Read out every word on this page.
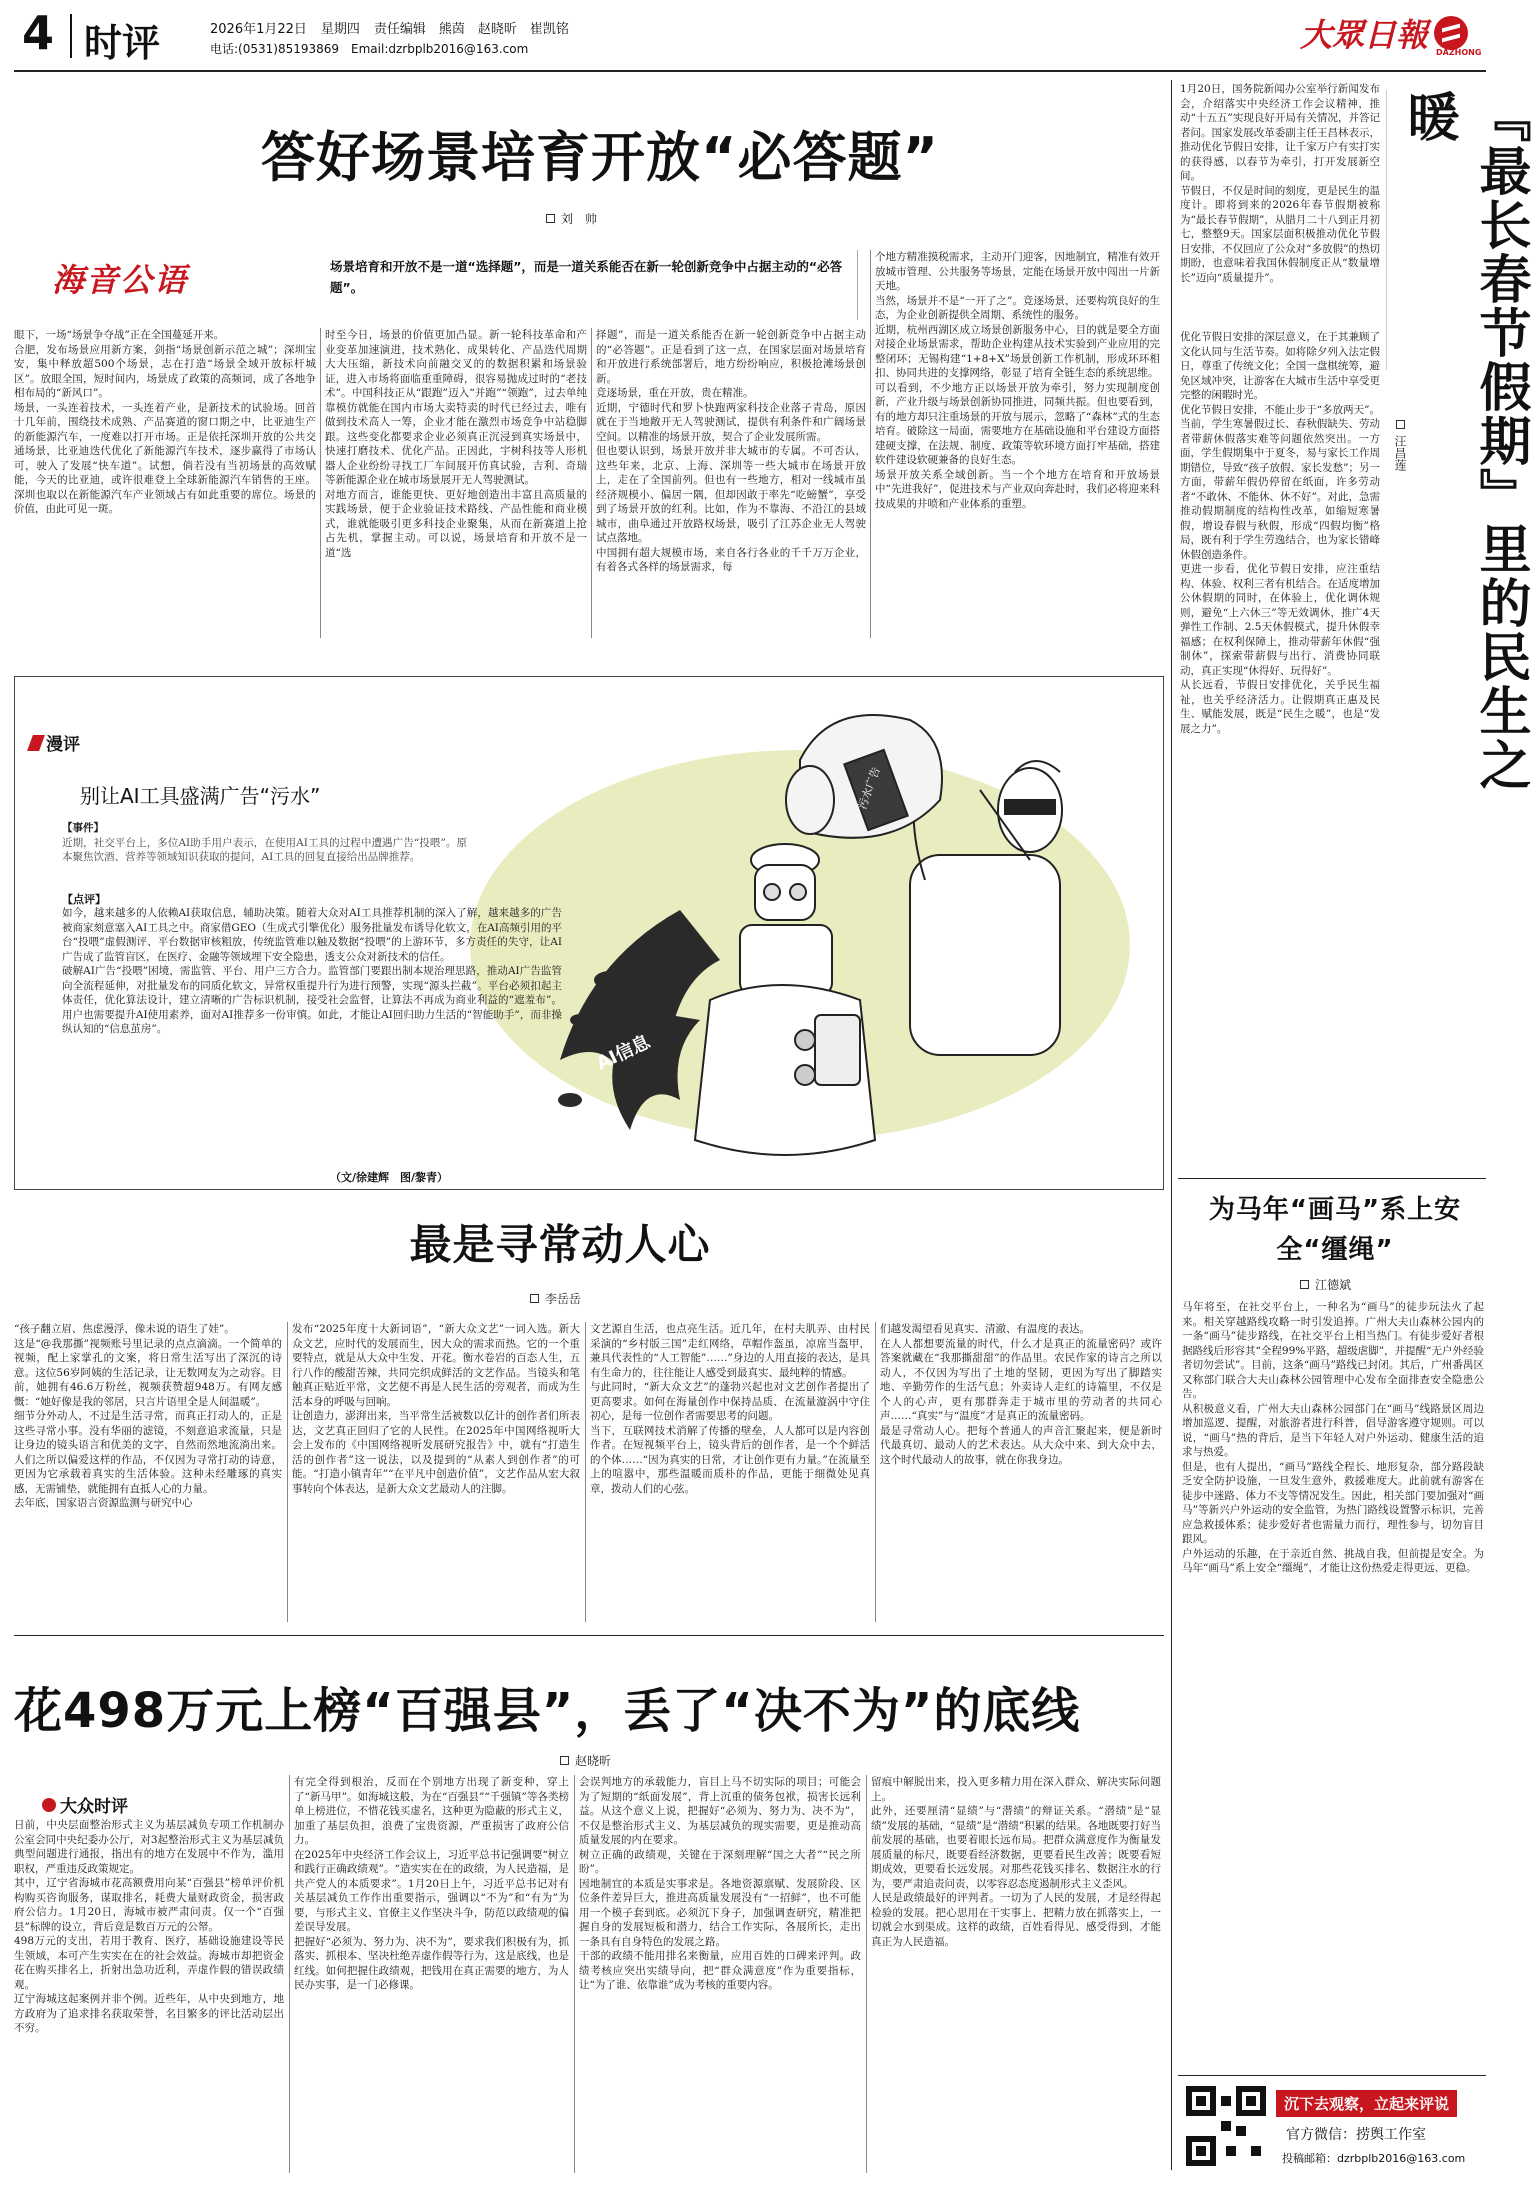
4 时评	2026年1月22日 星期四 责任编辑　熊茵　赵晓昕　崔凯铭
电话:(0531)85193869　Email:dzrbplb2016@163.com	大眾日報 DAZHONG
答好场景培育开放“必答题”
刘　帅
海音公语	场景培育和开放不是一道“选择题”，而是一道关系能否在新一轮创新竞争中占据主动的“必答题”。
眼下，一场“场景争夺战”正在全国蔓延开来。
合肥，发布场景应用新方案，剑指“场景创新示范之城”；深圳宝安，集中释放超500个场景，志在打造“场景全域开放标杆城区”。放眼全国，短时间内，场景成了政策的高频词，成了各地争相布局的“新风口”。
场景，一头连着技术，一头连着产业，是新技术的试验场。回首十几年前，围绕技术成熟、产品赛道的窗口期之中，比亚迪生产的新能源汽车，一度难以打开市场。正是依托深圳开放的公共交通场景，比亚迪迭代优化了新能源汽车技术，逐步赢得了市场认可，驶入了发展“快车道”。试想，倘若没有当初场景的高效赋能，今天的比亚迪，或许很难登上全球新能源汽车销售的王座。深圳也取以在新能源汽车产业领域占有如此重要的席位。场景的价值，由此可见一斑。
时至今日，场景的价值更加凸显。新一轮科技革命和产业变革加速演进，技术熟化、成果转化、产品迭代周期大大压缩，新技术向前融交叉的的数据积累和场景验证，进入市场将面临重重障碍，很容易抛成过时的“老技术”。中国科技正从“跟跑”迈入“并跑”“领跑”，过去单纯靠模仿就能在国内市场大卖特卖的时代已经过去，唯有做到技术高人一筹，企业才能在激烈市场竞争中站稳脚跟。这些变化都要求企业必须真正沉浸到真实场景中，快速打磨技术、优化产品。正因此，宇树科技等人形机器人企业纷纷寻找工厂车间展开仿真试验，吉利、奇瑞等新能源企业在城市场景展开无人驾驶测试。
对地方而言，谁能更快、更好地创造出丰富且高质量的实践场景，便于企业验证技术路线、产品性能和商业模式，谁就能吸引更多科技企业聚集，从而在新赛道上抢占先机，掌握主动。可以说，场景培育和开放不是一道“选
择题”，而是一道关系能否在新一轮创新竞争中占据主动的“必答题”。正是看到了这一点，在国家层面对场景培育和开放进行系统部署后，地方纷纷响应，积极抢滩场景创新。
竞逐场景，重在开放，贵在精准。
近期，宁德时代和罗卜快跑两家科技企业落子青岛，原因就在于当地敞开无人驾驶测试，提供有利条件和广阔场景空间。以精准的场景开放，契合了企业发展所需。
但也要认识到，场景开放并非大城市的专属。不可否认，这些年来，北京、上海、深圳等一些大城市在场景开放上，走在了全国前列。但也有一些地方，相对一线城市虽经济规模小、偏居一隅，但却因敢于率先“吃螃蟹”，享受到了场景开放的红利。比如，作为不靠海、不沿江的县域城市，曲阜通过开放路权场景，吸引了江苏企业无人驾驶试点落地。
中国拥有超大规模市场，来自各行各业的千千万万企业，有着各式各样的场景需求，每
个地方精准摸税需求，主动开门迎客，因地制宜，精准有效开放城市管理、公共服务等场景，定能在场景开放中闯出一片新天地。
当然，场景并不是“一开了之”。竞逐场景，还要构筑良好的生态，为企业创新提供全周期、系统性的服务。
近期，杭州西湖区成立场景创新服务中心，目的就是要全方面对接企业场景需求，帮助企业构建从技术实验到产业应用的完整闭环；无锡构建“1+8+X”场景创新工作机制，形成环环相扣、协同共进的支撑网络，彰显了培育全链生态的系统思维。
可以看到，不少地方正以场景开放为牵引，努力实现制度创新，产业升级与场景创新协同推进，同频共振。但也要看到，有的地方却只注重场景的开放与展示，忽略了“森林”式的生态培育。破除这一局面，需要地方在基础设施和平台建设方面搭建硬支撑，在法规、制度、政策等软环境方面打牢基础，搭建软件建设软硬兼备的良好生态。
场景开放关系全域创新。当一个个地方在培育和开放场景中“先进我好”，促进技术与产业双向奔赴时，我们必将迎来科技成果的井喷和产业体系的重塑。
AI信息
污水广告
漫评
别让AI工具盛满广告“污水”
【事件】
近期，社交平台上，多位AI助手用户表示，在使用AI工具的过程中遭遇广告“投喂”。原本聚焦饮酒、营养等领域知识获取的提问，AI工具的回复直接给出品牌推荐。
【点评】
如今，越来越多的人依赖AI获取信息，辅助决策。随着大众对AI工具推荐机制的深入了解，越来越多的广告被商家刻意塞入AI工具之中。商家借GEO（生成式引擎优化）服务批量发布诱导化软文，在AI高频引用的平台“投喂”虚假测评、平台数据审核粗放，传统监管难以触及数据“投喂”的上游环节，多方责任的失守，让AI广告成了监管盲区，在医疗、金融等领域埋下安全隐患，透支公众对新技术的信任。
破解AI广告“投喂”困境，需监管、平台、用户三方合力。监管部门要跟出制本规治理思路，推动AI广告监管向全流程延伸，对批量发布的同质化软文，异常权重提升行为进行预警，实现“源头拦截”。平台必须扣起主体责任，优化算法设计，建立清晰的广告标识机制，接受社会监督，让算法不再成为商业利益的“遮羞布”。用户也需要提升AI使用素养，面对AI推荐多一份审慎。如此，才能让AI回归助力生活的“智能助手”，而非操纵认知的“信息茧房”。
（文/徐建辉　图/黎青）
最是寻常动人心
李岳岳
“孩子翻立眉、焦虑漫浮，像未说的语生了娃”。
这是“@我那撕”视频账号里记录的点点滴滴。一个简单的视频，配上家掌孔的文案，将日常生活写出了深沉的诗意。这位56岁阿姨的生活记录，让无数网友为之动容。目前，她拥有46.6万粉丝，视频获赞超948万。有网友感慨：“她好像是我的邻居，只言片语里全是人间温暖”。
细节分外动人，不过是生活寻常，而真正打动人的，正是这些寻常小事。没有华丽的滤镜，不刻意追求流量，只是让身边的镜头语言和优美的文字，自然而然地流淌出来。人们之所以偏爱这样的作品，不仅因为寻常打动的诗意，更因为它承载着真实的生活体验。这种未经雕琢的真实感，无需铺垫，就能拥有直抵人心的力量。
去年底，国家语言资源监测与研究中心
发布“2025年度十大新词语”，“新大众文艺”一词入选。新大众文艺，应时代的发展而生，因大众的需求而热。它的一个重要特点，就是从大众中生发、开花。衡水卷岩的百态人生，五行八作的酸甜苦辣，共同完织成鲜活的文艺作品。当镜头和笔触真正贴近平常，文艺便不再是人民生活的旁观者，而成为生活本身的呼吸与回响。
让创造力，澎湃出来，当平常生活被数以亿计的创作者们所表达，文艺真正回归了它的人民性。在2025年中国网络视听大会上发布的《中国网络视听发展研究报告》中，就有“打造生活的创作者”这一说法，以及提到的“从素人到创作者”的可能。“打造小镇青年”“在平凡中创造价值”，文艺作品从宏大叙事转向个体表达，是新大众文艺最动人的注脚。
文艺源自生活，也点亮生活。近几年，在村夫肌弄、由村民采演的“乡村版三国”走红网络，草帽作盔虽，凉席当盔甲，兼具代表性的“人工智能”……”身边的人用直接的表达，是具有生命力的，往往能让人感受到最真实、最纯粹的情感。
与此同时，“新大众文艺”的蓬勃兴起也对文艺创作者提出了更高要求。如何在海量创作中保持品质、在流量漩涡中守住初心，是每一位创作者需要思考的问题。
当下，互联网技术消解了传播的壁垒，人人都可以是内容创作者。在短视频平台上，镜头背后的创作者，是一个个鲜活的个体……“因为真实的日常，才让创作更有力量。”在流量至上的喧嚣中，那些温暖而质朴的作品，更能于细微处见真章，拨动人们的心弦。
们越发渴望看见真实、清澈、有温度的表达。
在人人都想要流量的时代，什么才是真正的流量密码？或许答案就藏在“我那撕甜甜”的作品里。农民作家的诗言之所以动人，不仅因为写出了土地的坚韧，更因为写出了脚踏实地、辛勤劳作的生活气息；外卖诗人走红的诗篇里，不仅是个人的心声，更有那群奔走于城市里的劳动者的共同心声……“真实”与“温度”才是真正的流量密码。
最是寻常动人心。把每个普通人的声音汇聚起来，便是新时代最真切、最动人的艺术表达。从大众中来、到大众中去，这个时代最动人的故事，就在你我身边。
花498万元上榜“百强县”，丢了“决不为”的底线
赵晓昕
大众时评
日前，中央层面整治形式主义为基层减负专项工作机制办公室会同中央纪委办公厅，对3起整治形式主义为基层减负典型问题进行通报，指出有的地方在发展中不作为，滥用职权，严重违反政策规定。
其中，辽宁省海城市花高额费用向某“百强县”榜单评价机构购买咨询服务，谋取排名，耗费大量财政资金，损害政府公信力。1月20日，海城市被严肃问责。仅一个“百强县”标牌的设立，背后竟是数百万元的公帑。
498万元的支出，若用于教育、医疗，基础设施建设等民生领域，本可产生实实在在的社会效益。海城市却把资金花在购买排名上，折射出急功近利，弄虚作假的错误政绩观。
辽宁海城这起案例并非个例。近些年，从中央到地方，地方政府为了追求排名获取荣誉，名目繁多的评比活动层出不穷。
有完全得到根治，反而在个别地方出现了新变种，穿上了“新马甲”。如海城这般，为在“百强县”“千强镇”等各类榜单上榜进位，不惜花钱买虚名，这种更为隐蔽的形式主义，加重了基层负担，浪费了宝贵资源，严重损害了政府公信力。
在2025年中央经济工作会议上，习近平总书记强调要“树立和践行正确政绩观”。“造实实在在的政绩，为人民造福，是共产党人的本质要求”。1月20日上午，习近平总书记对有关基层减负工作作出重要指示，强调以“不为”和“有为”为要，与形式主义、官僚主义作坚决斗争，防范以政绩观的偏差误导发展。
把握好“必须为、努力为、决不为”，要求我们积极有为，抓落实、抓根本、坚决杜绝弄虚作假等行为，这是底线，也是红线。如何把握住政绩观，把钱用在真正需要的地方，为人民办实事，是一门必修课。
会误判地方的承载能力，盲目上马不切实际的项目；可能会为了短期的“纸面发展”，背上沉重的债务包袱，损害长远利益。从这个意义上说，把握好“必须为、努力为、决不为”，不仅是整治形式主义、为基层减负的现实需要，更是推动高质量发展的内在要求。
树立正确的政绩观，关键在于深刻理解“国之大者”“民之所盼”。
因地制宜的本质是实事求是。各地资源禀赋、发展阶段、区位条件差异巨大，推进高质量发展没有“一招鲜”，也不可能用一个模子套到底。必须沉下身子，加强调查研究，精准把握自身的发展短板和潜力，结合工作实际，各展所长，走出一条具有自身特色的发展之路。
干部的政绩不能用排名来衡量，应用百姓的口碑来评判。政绩考核应突出实绩导向，把“群众满意度”作为重要指标，让“为了谁、依靠谁”成为考核的重要内容。
留痕中解脱出来，投入更多精力用在深入群众、解决实际问题上。
此外，还要厘清“显绩”与“潜绩”的辩证关系。“潜绩”是“显绩”发展的基础，“显绩”是“潜绩”积累的结果。各地既要打好当前发展的基础，也要着眼长远布局。把群众满意度作为衡量发展质量的标尺，既要看经济数据，更要看民生改善；既要看短期成效，更要看长远发展。对那些花钱买排名、数据注水的行为，要严肃追责问责，以零容忍态度遏制形式主义歪风。
人民是政绩最好的评判者。一切为了人民的发展，才是经得起检验的发展。把心思用在干实事上、把精力放在抓落实上，一切就会水到渠成。这样的政绩，百姓看得见、感受得到，才能真正为人民造福。
1月20日，国务院新闻办公室举行新闻发布会，介绍落实中央经济工作会议精神，推动“十五五”实现良好开局有关情况，并答记者问。国家发展改革委副主任王昌林表示，推动优化节假日安排，让千家万户有实打实的获得感，以春节为牵引，打开发展新空间。
节假日，不仅是时间的刻度，更是民生的温度计。即将到来的2026年春节假期被称为“最长春节假期”，从腊月二十八到正月初七，整整9天。国家层面积极推动优化节假日安排，不仅回应了公众对“多放假”的热切期盼，也意味着我国休假制度正从“数量增长”迈向“质量提升”。
优化节假日安排的深层意义，在于其兼顾了文化认同与生活节奏。如将除夕列入法定假日，尊重了传统文化；全国一盘棋统筹，避免区域冲突，让游客在大城市生活中享受更完整的闲暇时光。
优化节假日安排，不能止步于“多放两天”。当前，学生寒暑假过长、春秋假缺失、劳动者带薪休假落实难等问题依然突出。一方面，学生假期集中于夏冬，易与家长工作周期错位，导致“孩子放假、家长发愁”；另一方面，带薪年假仍停留在纸面，许多劳动者“不敢休、不能休、休不好”。对此，急需推动假期制度的结构性改革，如缩短寒暑假，增设春假与秋假，形成“四假均衡”格局，既有利于学生劳逸结合，也为家长错峰休假创造条件。
更进一步看，优化节假日安排，应注重结构、体验、权利三者有机结合。在适度增加公休假期的同时，在体验上，优化调休规则，避免“上六休三”等无效调休，推广4天弹性工作制、2.5天休假模式，提升休假幸福感；在权利保障上，推动带薪年休假“强制休”，探索带薪假与出行、消费协同联动，真正实现“休得好、玩得好”。
从长远看，节假日安排优化，关乎民生福祉，也关乎经济活力。让假期真正惠及民生、赋能发展，既是“民生之暖”，也是“发展之力”。	『最长春节假期』里的民生之暖
汪昌莲
为马年“画马”系上安全“缰绳”
江德斌
马年将至，在社交平台上，一种名为“画马”的徒步玩法火了起来。相关穿越路线攻略一时引发追捧。广州大夫山森林公园内的一条“画马”徒步路线，在社交平台上相当热门。有徒步爱好者根据路线后形容其“全程99%平路，超级虐脚”，并提醒“无户外经验者切勿尝试”。目前，这条“画马”路线已封闭。其后，广州番禺区又称部门联合大夫山森林公园管理中心发布全面排查安全隐患公告。
从积极意义看，广州大夫山森林公园部门在“画马”线路景区周边增加巡逻、提醒，对旅游者进行科普，倡导游客遵守规则。可以说，“画马”热的背后，是当下年轻人对户外运动、健康生活的追求与热爱。
但是，也有人提出，“画马”路线全程长、地形复杂，部分路段缺乏安全防护设施，一旦发生意外，救援难度大。此前就有游客在徒步中迷路、体力不支等情况发生。因此，相关部门要加强对“画马”等新兴户外运动的安全监管，为热门路线设置警示标识，完善应急救援体系；徒步爱好者也需量力而行，理性参与，切勿盲目跟风。
户外运动的乐趣，在于亲近自然、挑战自我，但前提是安全。为马年“画马”系上安全“缰绳”，才能让这份热爱走得更远、更稳。
沉下去观察，立起来评说
官方微信：捞舆工作室
投稿邮箱：dzrbplb2016@163.com
